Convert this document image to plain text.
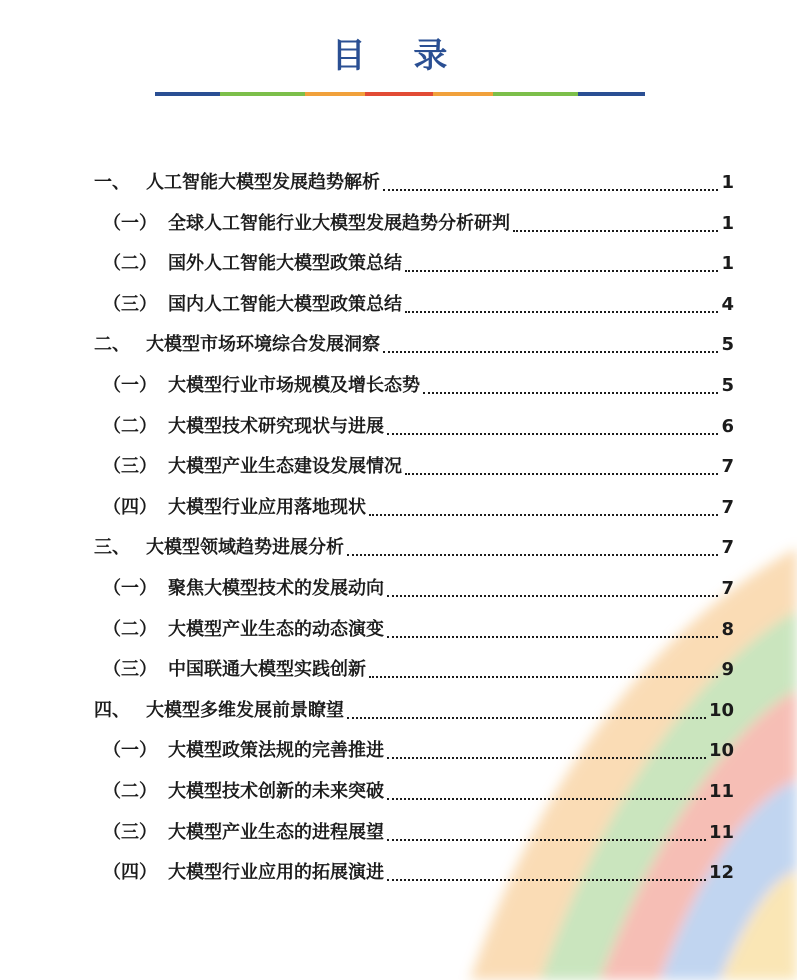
目 录
一、 人工智能大模型发展趋势解析	1
（一） 全球人工智能行业大模型发展趋势分析研判	1
（二） 国外人工智能大模型政策总结	1
（三） 国内人工智能大模型政策总结	4
二、 大模型市场环境综合发展洞察	5
（一） 大模型行业市场规模及增长态势	5
（二） 大模型技术研究现状与进展	6
（三） 大模型产业生态建设发展情况	7
（四） 大模型行业应用落地现状	7
三、 大模型领域趋势进展分析	7
（一） 聚焦大模型技术的发展动向	7
（二） 大模型产业生态的动态演变	8
（三） 中国联通大模型实践创新	9
四、 大模型多维发展前景瞭望	10
（一） 大模型政策法规的完善推进	10
（二） 大模型技术创新的未来突破	11
（三） 大模型产业生态的进程展望	11
（四） 大模型行业应用的拓展演进	12
